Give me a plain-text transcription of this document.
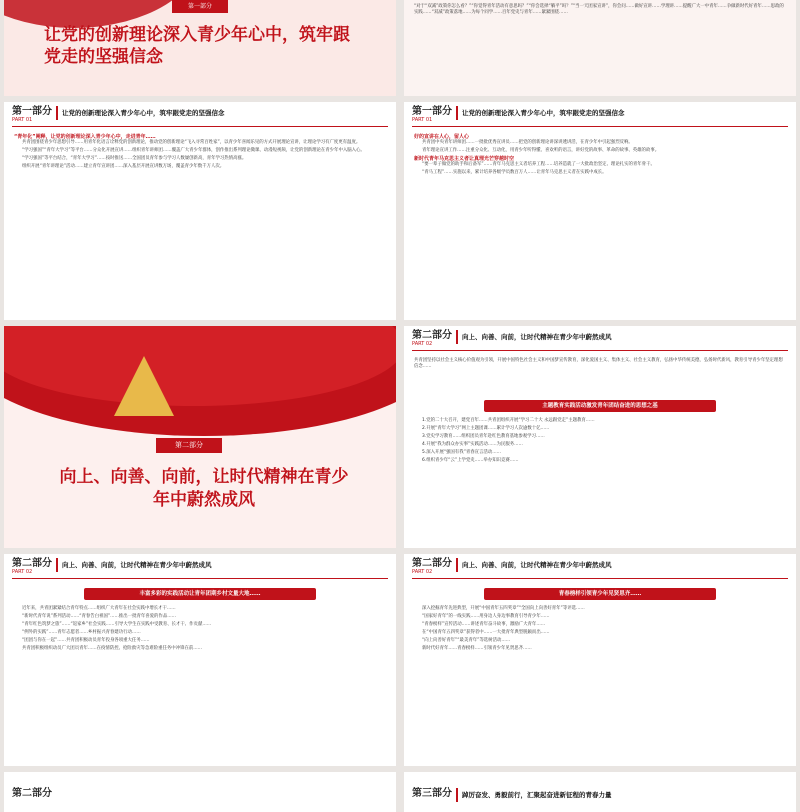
第一部分
让党的创新理论深入青少年心中，筑牢跟党走的坚强信念
“对于“双减”政策你怎么看？”“你觉得青年活动有意思吗？”“你会选择“躺平”吗？”“当一天团家宣讲”，你会问……做好宣讲……学理讲……提醒广大一中青年……争做新时代好青年……思政的实践……“双减”政策落地……为每个同学……百年党史与青年……紧紧围绕……
第一部分
PART 01
让党的创新理论深入青少年心中，筑牢跟党走的坚强信念
“青年化”阐释，让党的创新理论深入青少年心中，走进青年……

共青团围绕青少年思想引导……用青年化语言诠释党的创新理论，推动党的创新理论“飞入寻常百姓家”，以青少年喜闻乐见的方式开展理论宣讲，让理论学习有广度更有温度。

“学习强国”“青年大学习”等平台……分众化开展宣讲……组织青年讲师团……覆盖广大青少年群体，创作推出系列理论微课、动漫短视频，让党的创新理论在青少年中入脑入心。

“学习强国”等平台结合，“青年大学习”……按时推送……全国团员青年参与学习人数屡创新高，青年学习热情高涨。

组织开展“青年讲理论”活动……建立青年宣讲团……深入基层开展宣讲数万场，覆盖青少年数千万人次。

第一部分
PART 01
让党的创新理论深入青少年心中，筑牢跟党走的坚强信念
好的宣讲在人心，留人心

共青团中央青年讲师团……一批批优秀宣讲员……把党的创新理论讲深讲透讲活，在青少年中引起强烈反响。

青年理论宣讲工作……注重分众化、互动化，用青少年听得懂、喜欢听的语言，讲好党的故事、革命的故事、英雄的故事。

新时代青年马克思主义者让真理光芒穿越时空

“要一辈子做党的助手和后备军”……青年马克思主义者培养工程……培养造就了一大批政治坚定、理论扎实的青年骨干。

“青马工程”……实施以来，累计培养各级学员数百万人……让青年马克思主义者在实践中成长。

第二部分
向上、向善、向前，让时代精神在青少年中蔚然成风
第二部分
PART 02
向上、向善、向前，让时代精神在青少年中蔚然成风
共青团坚持以社会主义核心价值观为引领，开展中国特色社会主义和中国梦宣传教育，深化爱国主义、集体主义、社会主义教育，弘扬中华传统美德，弘扬时代新风，教育引导青少年坚定理想信念……
主题教育实践活动激发青年团结奋进的思想之基

1.党的二十大召开，建党百年……共青团组织开展“学习二十大 永远跟党走”主题教育……

2.开展“青年大学习”网上主题团课……累计学习人次逾数十亿……

3.党史学习教育……组织团员青年赴红色教育基地参观学习……

4.开展“我为群众办实事”实践活动……为民服务……

5.深入开展“强国有我”青春宣言活动……

6.组织青少年“云”上学党史……举办知识竞赛……

第二部分
PART 02
向上、向善、向前，让时代精神在青少年中蔚然成风
丰富多彩的实践活动让青年团期乡村文量大地……

近年来，共青团紧紧结合青年特点……组织广大青年在社会实践中增长才干……

“新时代青年说”系列活动……“青春告白祖国”……推出一批青年喜爱的作品……

“青年红色筑梦之旅”……“返家乡”社会实践……引导大学生在实践中受教育、长才干、作贡献……

“例外的实践”……青年志愿者……乡村振兴青春建功行动……

“团团与你在一起”……共青团积极动员青年投身各项重大任务……

共青团积极组织动员广大团员青年……在疫情防控、抢险救灾等急难险重任务中冲锋在前……

第二部分
PART 02
向上、向善、向前，让时代精神在青少年中蔚然成风
青春榜样引领青少年见贤思齐……

深入挖掘青年先进典型，开展“中国青年五四奖章”“全国向上向善好青年”等评选……

“国家好青年”的一线实践……用身边人身边事教育引导青少年……

“青春榜样”宣传活动……讲述青年奋斗故事，激励广大青年……

在“中国青年五四奖章”获得者中……一大批青年典型脱颖而出……

“向上向善好青年”“最美青年”等选树活动……

新时代好青年……青春榜样……引领青少年见贤思齐……

第二部分	第三部分 踔厉奋发、勇毅前行，汇聚起奋进新征程的青春力量
